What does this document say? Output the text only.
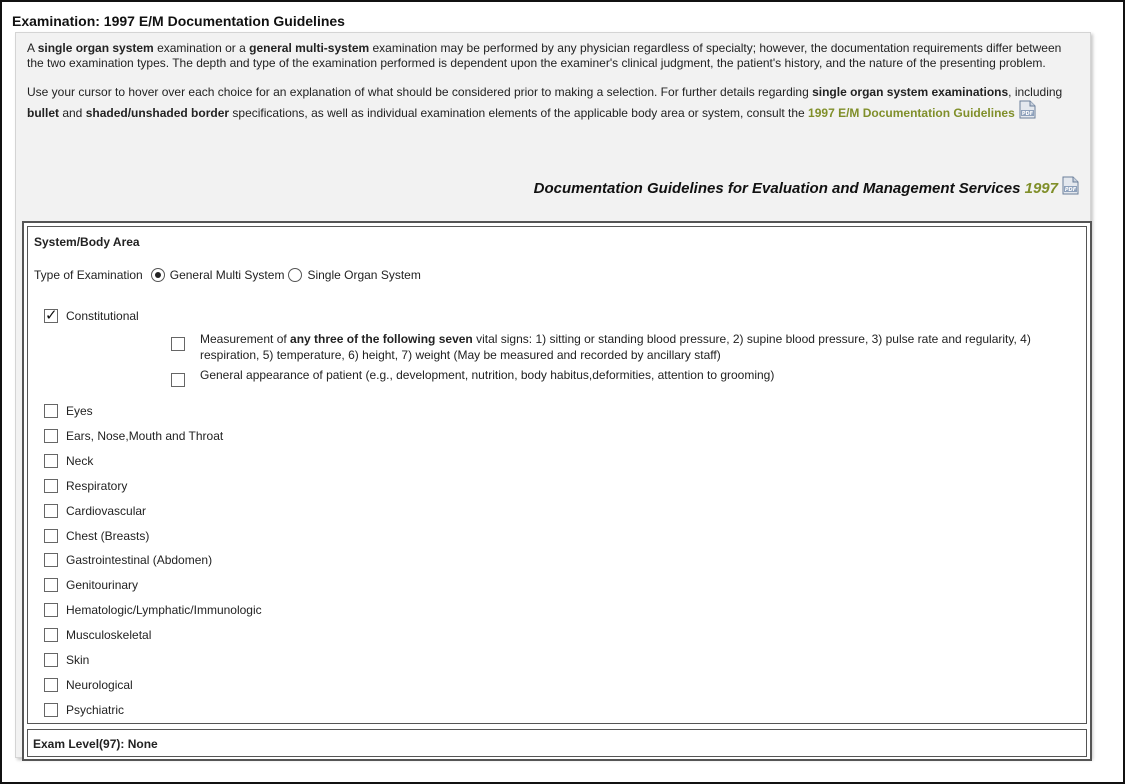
Examination: 1997 E/M Documentation Guidelines

A single organ system examination or a general multi-system examination may be performed by any physician regardless of specialty; however, the documentation requirements differ between the two examination types. The depth and type of the examination performed is dependent upon the examiner's clinical judgment, the patient's history, and the nature of the presenting problem.

Use your cursor to hover over each choice for an explanation of what should be considered prior to making a selection. For further details regarding single organ system examinations, including bullet and shaded/unshaded border specifications, as well as individual examination elements of the applicable body area or system, consult the 1997 E/M Documentation Guidelines PDF

Documentation Guidelines for Evaluation and Management Services 1997 PDF
System/Body Area
Type of Examination General Multi System Single Organ System
✓
Constitutional
Measurement of any three of the following seven vital signs: 1) sitting or standing blood pressure, 2) supine blood pressure, 3) pulse rate and regularity, 4) respiration, 5) temperature, 6) height, 7) weight (May be measured and recorded by ancillary staff)
General appearance of patient (e.g., development, nutrition, body habitus,deformities, attention to grooming)
Eyes
Ears, Nose,Mouth and Throat
Neck
Respiratory
Cardiovascular
Chest (Breasts)
Gastrointestinal (Abdomen)
Genitourinary
Hematologic/Lymphatic/Immunologic
Musculoskeletal
Skin
Neurological
Psychiatric
Exam Level(97): None
